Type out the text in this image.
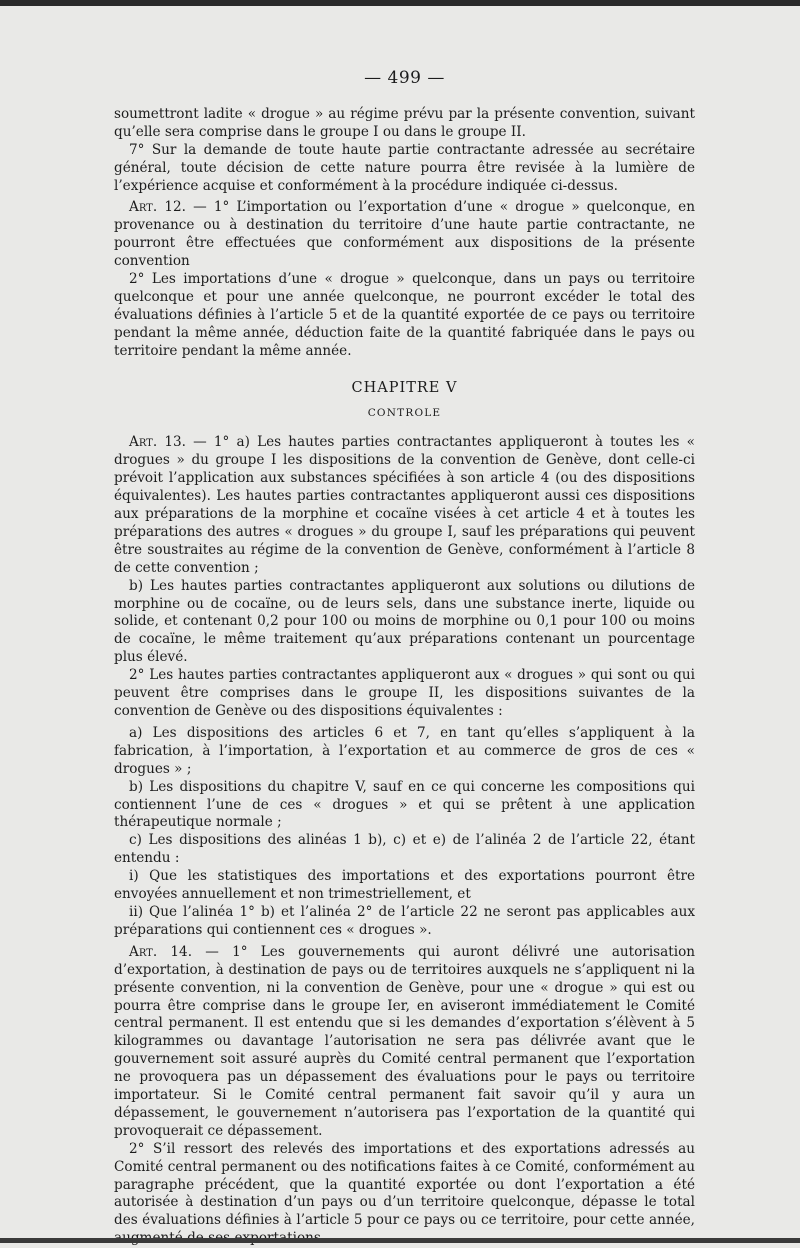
— 499 —

soumettront ladite « drogue » au régime prévu par la présente convention, suivant qu’elle sera comprise dans le groupe I ou dans le groupe II.

7° Sur la demande de toute haute partie contractante adressée au secrétaire général, toute décision de cette nature pourra être revisée à la lumière de l’expérience acquise et conformément à la procédure indiquée ci-dessus.

Art. 12. — 1° L’importation ou l’exportation d’une « drogue » quelconque, en provenance ou à destination du territoire d’une haute partie contractante, ne pourront être effectuées que conformément aux dispositions de la présente convention

2° Les importations d’une « drogue » quelconque, dans un pays ou territoire quelconque et pour une année quelconque, ne pourront excéder le total des évaluations définies à l’article 5 et de la quantité exportée de ce pays ou territoire pendant la même année, déduction faite de la quantité fabriquée dans le pays ou territoire pendant la même année.

CHAPITRE V
CONTROLE

Art. 13. — 1° a) Les hautes parties contractantes appliqueront à toutes les « drogues » du groupe I les dispositions de la convention de Genève, dont celle-ci prévoit l’application aux substances spécifiées à son article 4 (ou des dispositions équivalentes). Les hautes parties contractantes appliqueront aussi ces dispositions aux préparations de la morphine et cocaïne visées à cet article 4 et à toutes les préparations des autres « drogues » du groupe I, sauf les préparations qui peuvent être soustraites au régime de la convention de Genève, conformément à l’article 8 de cette convention ;

b) Les hautes parties contractantes appliqueront aux solutions ou dilutions de morphine ou de cocaïne, ou de leurs sels, dans une substance inerte, liquide ou solide, et contenant 0,2 pour 100 ou moins de morphine ou 0,1 pour 100 ou moins de cocaïne, le même traitement qu’aux préparations contenant un pourcentage plus élevé.

2° Les hautes parties contractantes appliqueront aux « drogues » qui sont ou qui peuvent être comprises dans le groupe II, les dispositions suivantes de la convention de Genève ou des dispositions équivalentes :

a) Les dispositions des articles 6 et 7, en tant qu’elles s’appliquent à la fabrication, à l’importation, à l’exportation et au commerce de gros de ces « drogues » ;

b) Les dispositions du chapitre V, sauf en ce qui concerne les compositions qui contiennent l’une de ces « drogues » et qui se prêtent à une application thérapeutique normale ;

c) Les dispositions des alinéas 1 b), c) et e) de l’alinéa 2 de l’article 22, étant entendu :

i) Que les statistiques des importations et des exportations pourront être envoyées annuellement et non trimestriellement, et

ii) Que l’alinéa 1° b) et l’alinéa 2° de l’article 22 ne seront pas applicables aux préparations qui contiennent ces « drogues ».

Art. 14. — 1° Les gouvernements qui auront délivré une autorisation d’exportation, à destination de pays ou de territoires auxquels ne s’appliquent ni la présente convention, ni la convention de Genève, pour une « drogue » qui est ou pourra être comprise dans le groupe Ier, en aviseront immédiatement le Comité central permanent. Il est entendu que si les demandes d’exportation s’élèvent à 5 kilogrammes ou davantage l’autorisation ne sera pas délivrée avant que le gouvernement soit assuré auprès du Comité central permanent que l’exportation ne provoquera pas un dépassement des évaluations pour le pays ou territoire importateur. Si le Comité central permanent fait savoir qu’il y aura un dépassement, le gouvernement n’autorisera pas l’exportation de la quantité qui provoquerait ce dépassement.

2° S’il ressort des relevés des importations et des exportations adressés au Comité central permanent ou des notifications faites à ce Comité, conformément au paragraphe précédent, que la quantité exportée ou dont l’exportation a été autorisée à destination d’un pays ou d’un territoire quelconque, dépasse le total des évaluations définies à l’article 5 pour ce pays ou ce territoire, pour cette année,
